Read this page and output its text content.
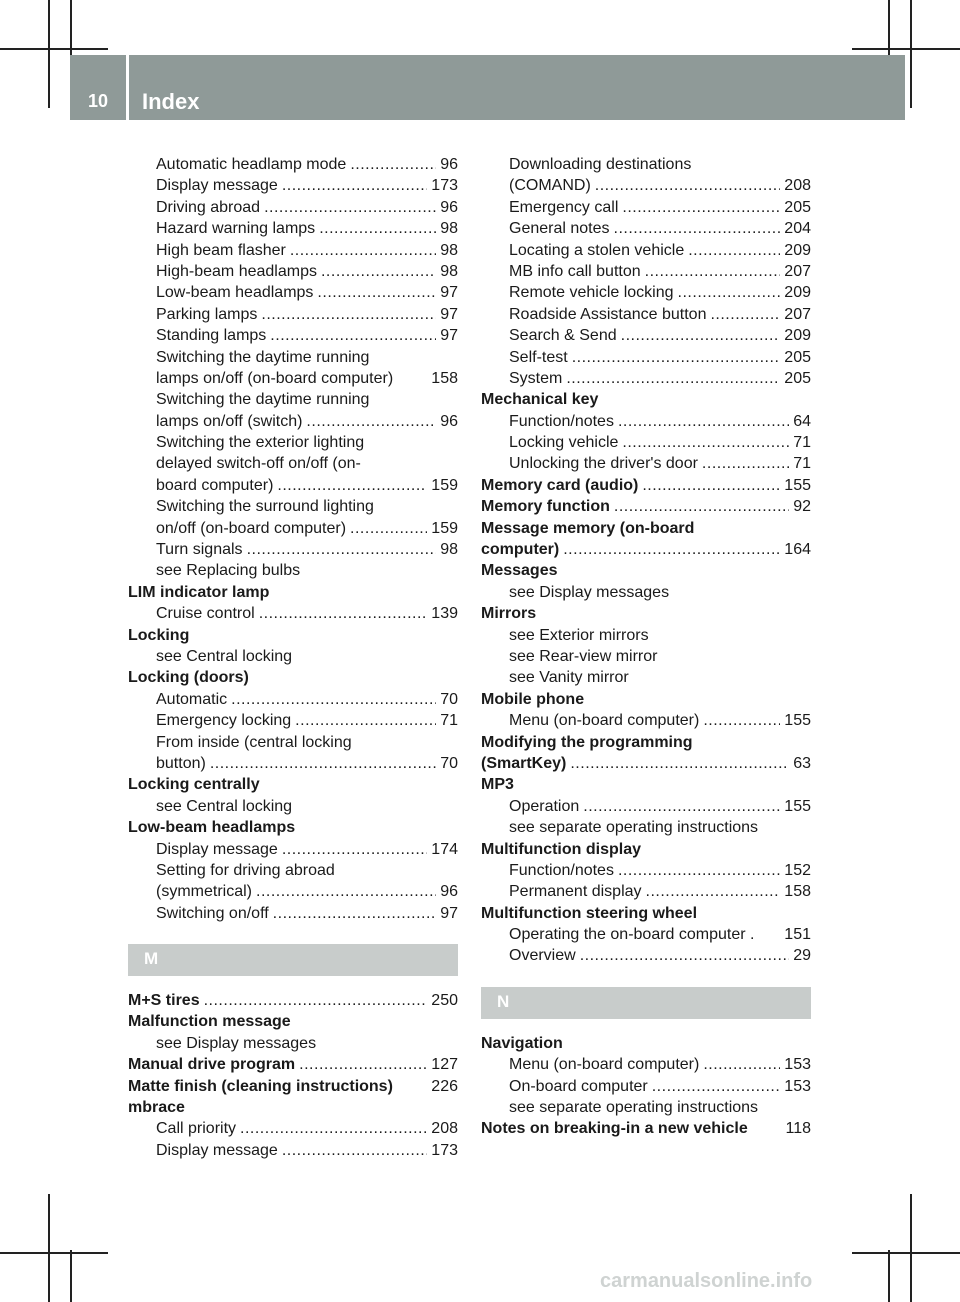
10 Index
Automatic headlamp mode .....	96
Display message .....	173
Driving abroad .....	96
Hazard warning lamps .....	98
High beam flasher .....	98
High-beam headlamps .....	98
Low-beam headlamps .....	97
Parking lamps .....	97
Standing lamps .....	97
Switching the daytime running
lamps on/off (on-board computer) 158
Switching the daytime running
lamps on/off (switch) .....	96
Switching the exterior lighting
delayed switch-off on/off (on-
board computer) .....	159
Switching the surround lighting
on/off (on-board computer) .....	159
Turn signals .....	98
see Replacing bulbs
LIM indicator lamp
Cruise control .....	139
Locking
see Central locking
Locking (doors)
Automatic .....	70
Emergency locking .....	71
From inside (central locking
button) .....	70
Locking centrally
see Central locking
Low-beam headlamps
Display message .....	174
Setting for driving abroad
(symmetrical) .....	96
Switching on/off .....	97
M
M+S tires .....	250
Malfunction message
see Display messages
Manual drive program .....	127
Matte finish (cleaning instructions) 226
mbrace
Call priority .....	208
Display message .....	173
Downloading destinations
(COMAND) .....	208
Emergency call .....	205
General notes .....	204
Locating a stolen vehicle .....	209
MB info call button .....	207
Remote vehicle locking .....	209
Roadside Assistance button .....	207
Search & Send .....	209
Self-test .....	205
System .....	205
Mechanical key
Function/notes .....	64
Locking vehicle .....	71
Unlocking the driver's door .....	71
Memory card (audio) .....	155
Memory function .....	92
Message memory (on-board
computer) .....	164
Messages
see Display messages
Mirrors
see Exterior mirrors
see Rear-view mirror
see Vanity mirror
Mobile phone
Menu (on-board computer) .....	155
Modifying the programming
(SmartKey) .....	63
MP3
Operation .....	155
see separate operating instructions
Multifunction display
Function/notes .....	152
Permanent display .....	158
Multifunction steering wheel
Operating the on-board computer . 151
Overview .....	29
N
Navigation
Menu (on-board computer) .....	153
On-board computer .....	153
see separate operating instructions
Notes on breaking-in a new vehicle 118
carmanualsonline.info
